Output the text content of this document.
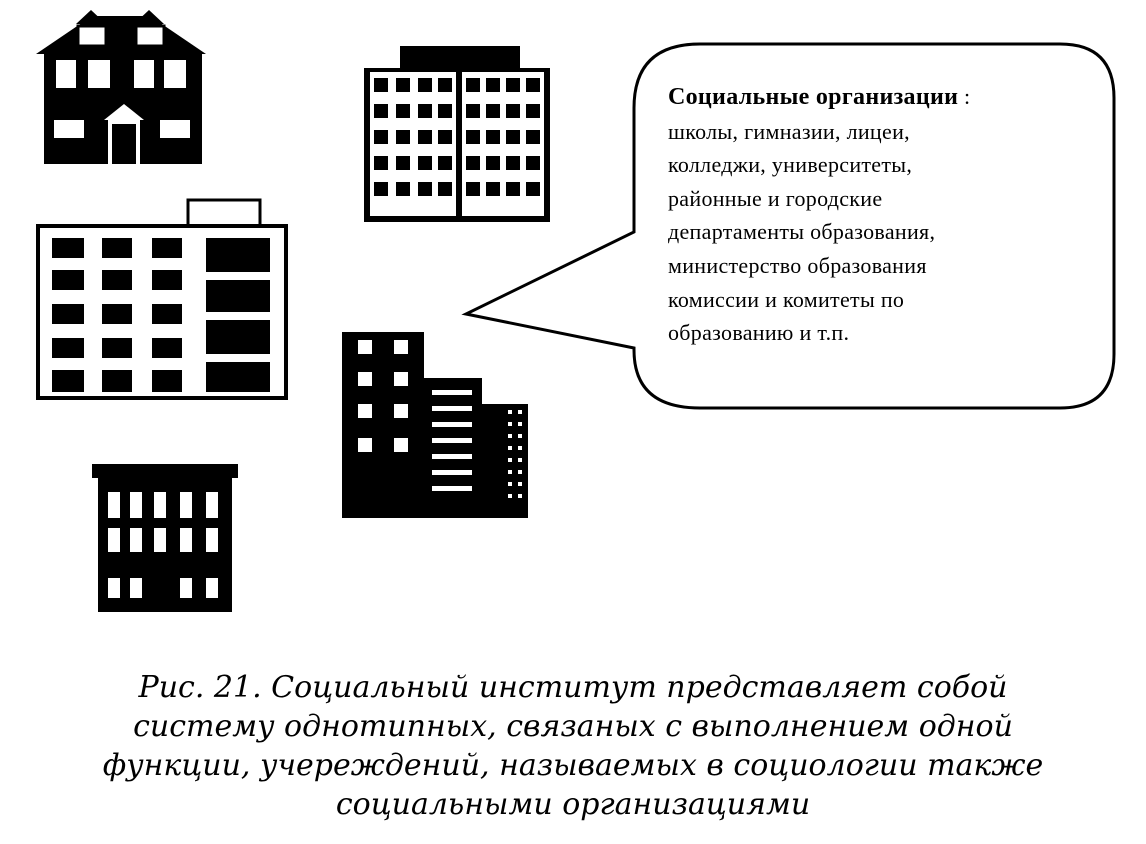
Социальные организации :
школы, гимназии, лицеи,
колледжи, университеты,
районные и городские
департаменты образования,
министерство образования
комиссии и комитеты по
образованию и т.п.
Рис. 21. Социальный институт представляет собой
систему однотипных, связаных с выполнением одной
функции, учереждений, называемых в социологии также
социальными организациями
